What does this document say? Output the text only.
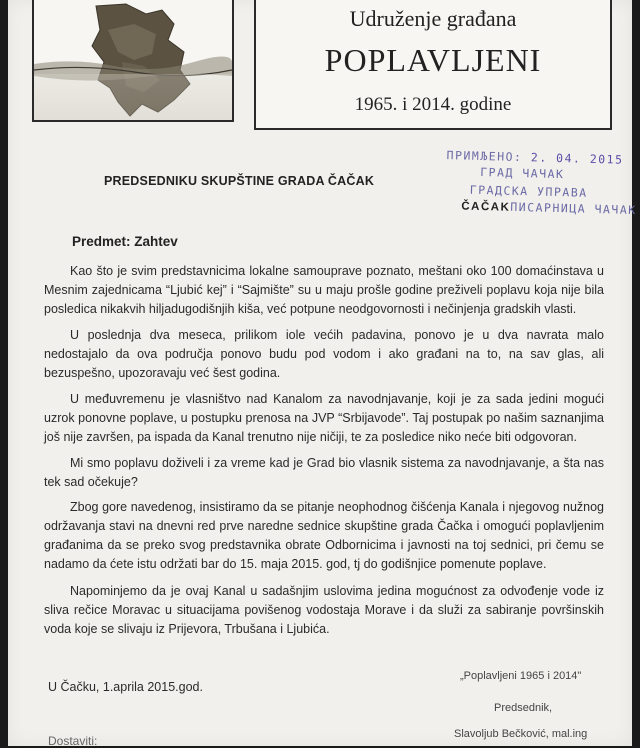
Udruženje građana
POPLAVLJENI
1965. i 2014. godine
ПРИМЉЕНО: 2. 04. 2015
ГРАД ЧАЧАК
ГРАДСКА УПРАВА
ČAČAKПИСАРНИЦА ЧАЧАК
PREDSEDNIKU SKUPŠTINE GRADA ČAČAK
Predmet: Zahtev
Kao što je svim predstavnicima lokalne samouprave poznato, meštani oko 100 domaćinstava u Mesnim zajednicama “Ljubić kej” i “Sajmište” su u maju prošle godine preživeli poplavu koja nije bila posledica nikakvih hiljadugodišnjih kiša, već potpune neodgovornosti i nečinjenja gradskih vlasti.
U poslednja dva meseca, prilikom iole većih padavina, ponovo je u dva navrata malo nedostajalo da ova područja ponovo budu pod vodom i ako građani na to, na sav glas, ali bezuspešno, upozoravaju već šest godina.
U međuvremenu je vlasništvo nad Kanalom za navodnjavanje, koji je za sada jedini mogući uzrok ponovne poplave, u postupku prenosa na JVP “Srbijavode”. Taj postupak po našim saznanjima još nije završen, pa ispada da Kanal trenutno nije ničiji, te za posledice niko neće biti odgovoran.
Mi smo poplavu doživeli i za vreme kad je Grad bio vlasnik sistema za navodnjavanje, a šta nas tek sad očekuje?
Zbog gore navedenog, insistiramo da se pitanje neophodnog čišćenja Kanala i njegovog nužnog održavanja stavi na dnevni red prve naredne sednice skupštine grada Čačka i omogući poplavljenim građanima da se preko svog predstavnika obrate Odbornicima i javnosti na toj sednici, pri čemu se nadamo da ćete istu održati bar do 15. maja 2015. god, tj do godišnjice pomenute poplave.
Napominjemo da je ovaj Kanal u sadašnjim uslovima jedina mogućnost za odvođenje vode iz sliva rečice Moravac u situacijama povišenog vodostaja Morave i da služi za sabiranje površinskih voda koje se slivaju iz Prijevora, Trbušana i Ljubića.
U Čačku, 1.aprila 2015.god.
„Poplavljeni 1965 i 2014"
Predsednik,
Slavoljub Bečković, mal.ing
Dostaviti:
